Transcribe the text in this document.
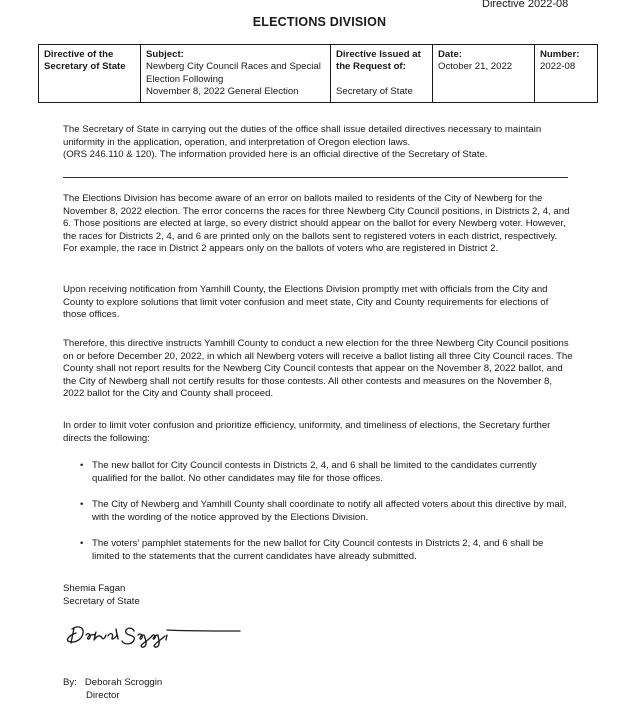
Directive 2022-08
ELECTIONS DIVISION
Directive of the
Secretary of State

Subject:
Newberg City Council Races and Special
Election Following
November 8, 2022 General Election

Directive Issued at
the Request of:
Secretary of State

Date:
October 21, 2022

Number:
2022-08
The Secretary of State in carrying out the duties of the office shall issue detailed directives necessary to maintain
uniformity in the application, operation, and interpretation of Oregon election laws.
(ORS 246.110 & 120). The information provided here is an official directive of the Secretary of State.
The Elections Division has become aware of an error on ballots mailed to residents of the City of Newberg for the November 8, 2022 election. The error concerns the races for three Newberg City Council positions, in Districts 2, 4, and 6. Those positions are elected at large, so every district should appear on the ballot for every Newberg voter. However, the races for Districts 2, 4, and 6 are printed only on the ballots sent to registered voters in each district, respectively. For example, the race in District 2 appears only on the ballots of voters who are registered in District 2.
Upon receiving notification from Yamhill County, the Elections Division promptly met with officials from the City and County to explore solutions that limit voter confusion and meet state, City and County requirements for elections of those offices.
Therefore, this directive instructs Yamhill County to conduct a new election for the three Newberg City Council positions on or before December 20, 2022, in which all Newberg voters will receive a ballot listing all three City Council races. The County shall not report results for the Newberg City Council contests that appear on the November 8, 2022 ballot, and the City of Newberg shall not certify results for those contests. All other contests and measures on the November 8, 2022 ballot for the City and County shall proceed.
In order to limit voter confusion and prioritize efficiency, uniformity, and timeliness of elections, the Secretary further directs the following:
• The new ballot for City Council contests in Districts 2, 4, and 6 shall be limited to the candidates currently qualified for the ballot. No other candidates may file for those offices.
• The City of Newberg and Yamhill County shall coordinate to notify all affected voters about this directive by mail, with the wording of the notice approved by the Elections Division.
• The voters' pamphlet statements for the new ballot for City Council contests in Districts 2, 4, and 6 shall be limited to the statements that the current candidates have already submitted.
Shemia Fagan
Secretary of State
By: Deborah Scroggin
Director
